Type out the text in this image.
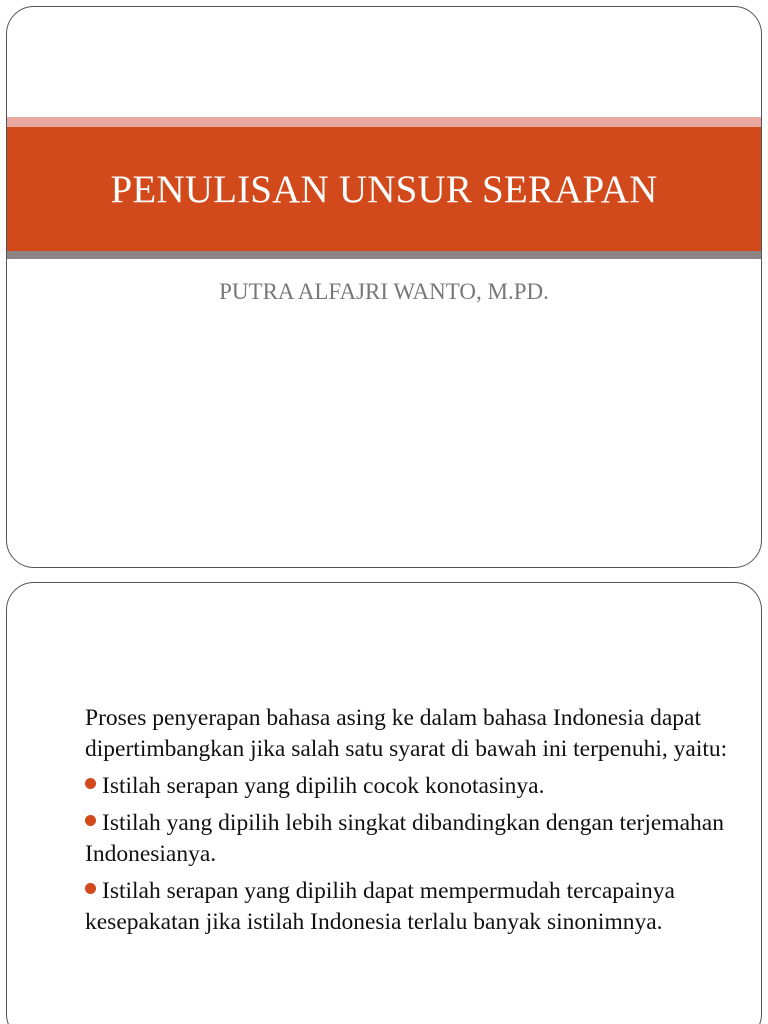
PENULISAN UNSUR SERAPAN
PUTRA ALFAJRI WANTO, M.PD.

Proses penyerapan bahasa asing ke dalam bahasa Indonesia dapat dipertimbangkan jika salah satu syarat di bawah ini terpenuhi, yaitu:

Istilah serapan yang dipilih cocok konotasinya.

Istilah yang dipilih lebih singkat dibandingkan dengan terjemahan Indonesianya.

Istilah serapan yang dipilih dapat mempermudah tercapainya kesepakatan jika istilah Indonesia terlalu banyak sinonimnya.
